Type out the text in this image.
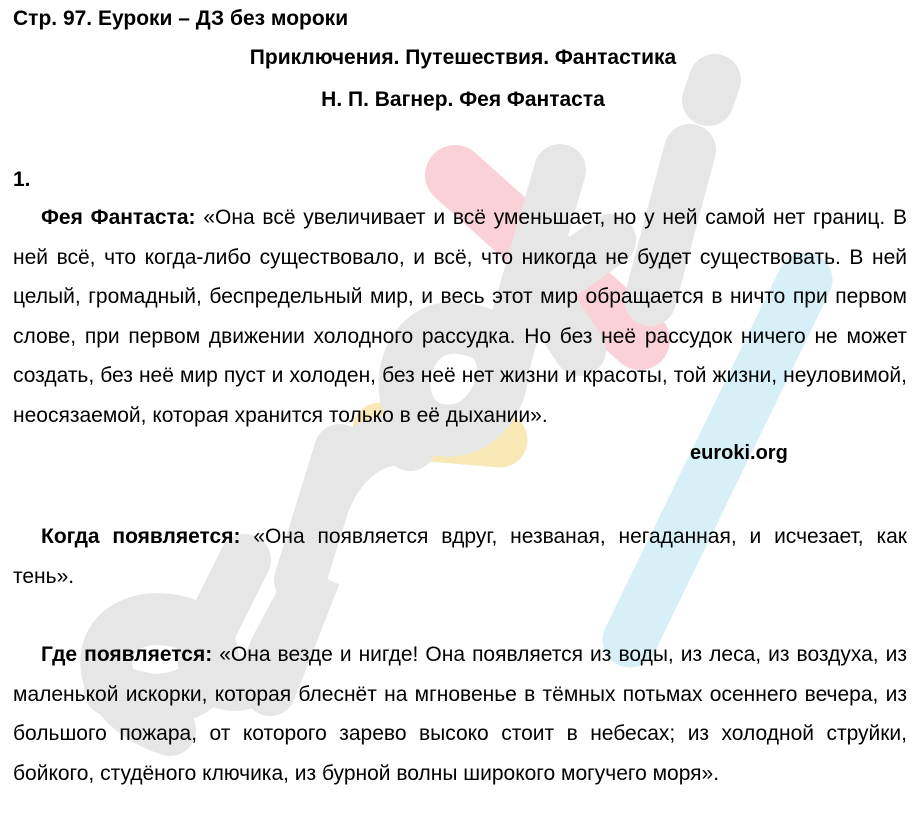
Стр. 97. Еуроки – ДЗ без мороки
Приключения. Путешествия. Фантастика
Н. П. Вагнер. Фея Фантаста
1.
Фея Фантаста: «Она всё увеличивает и всё уменьшает, но у ней самой нет границ. В ней всё, что когда-либо существовало, и всё, что никогда не будет существовать. В ней целый, громадный, беспредельный мир, и весь этот мир обращается в ничто при первом слове, при первом движении холодного рассудка. Но без неё рассудок ничего не может создать, без неё мир пуст и холоден, без неё нет жизни и красоты, той жизни, неуловимой, неосязаемой, которая хранится только в её дыхании».
euroki.org
Когда появляется: «Она появляется вдруг, незваная, негаданная, и исчезает, как тень».
Где появляется: «Она везде и нигде! Она появляется из воды, из леса, из воздуха, из маленькой искорки, которая блеснёт на мгновенье в тёмных потьмах осеннего вечера, из большого пожара, от которого зарево высоко стоит в небесах; из холодной струйки, бойкого, студёного ключика, из бурной волны широкого могучего моря».
